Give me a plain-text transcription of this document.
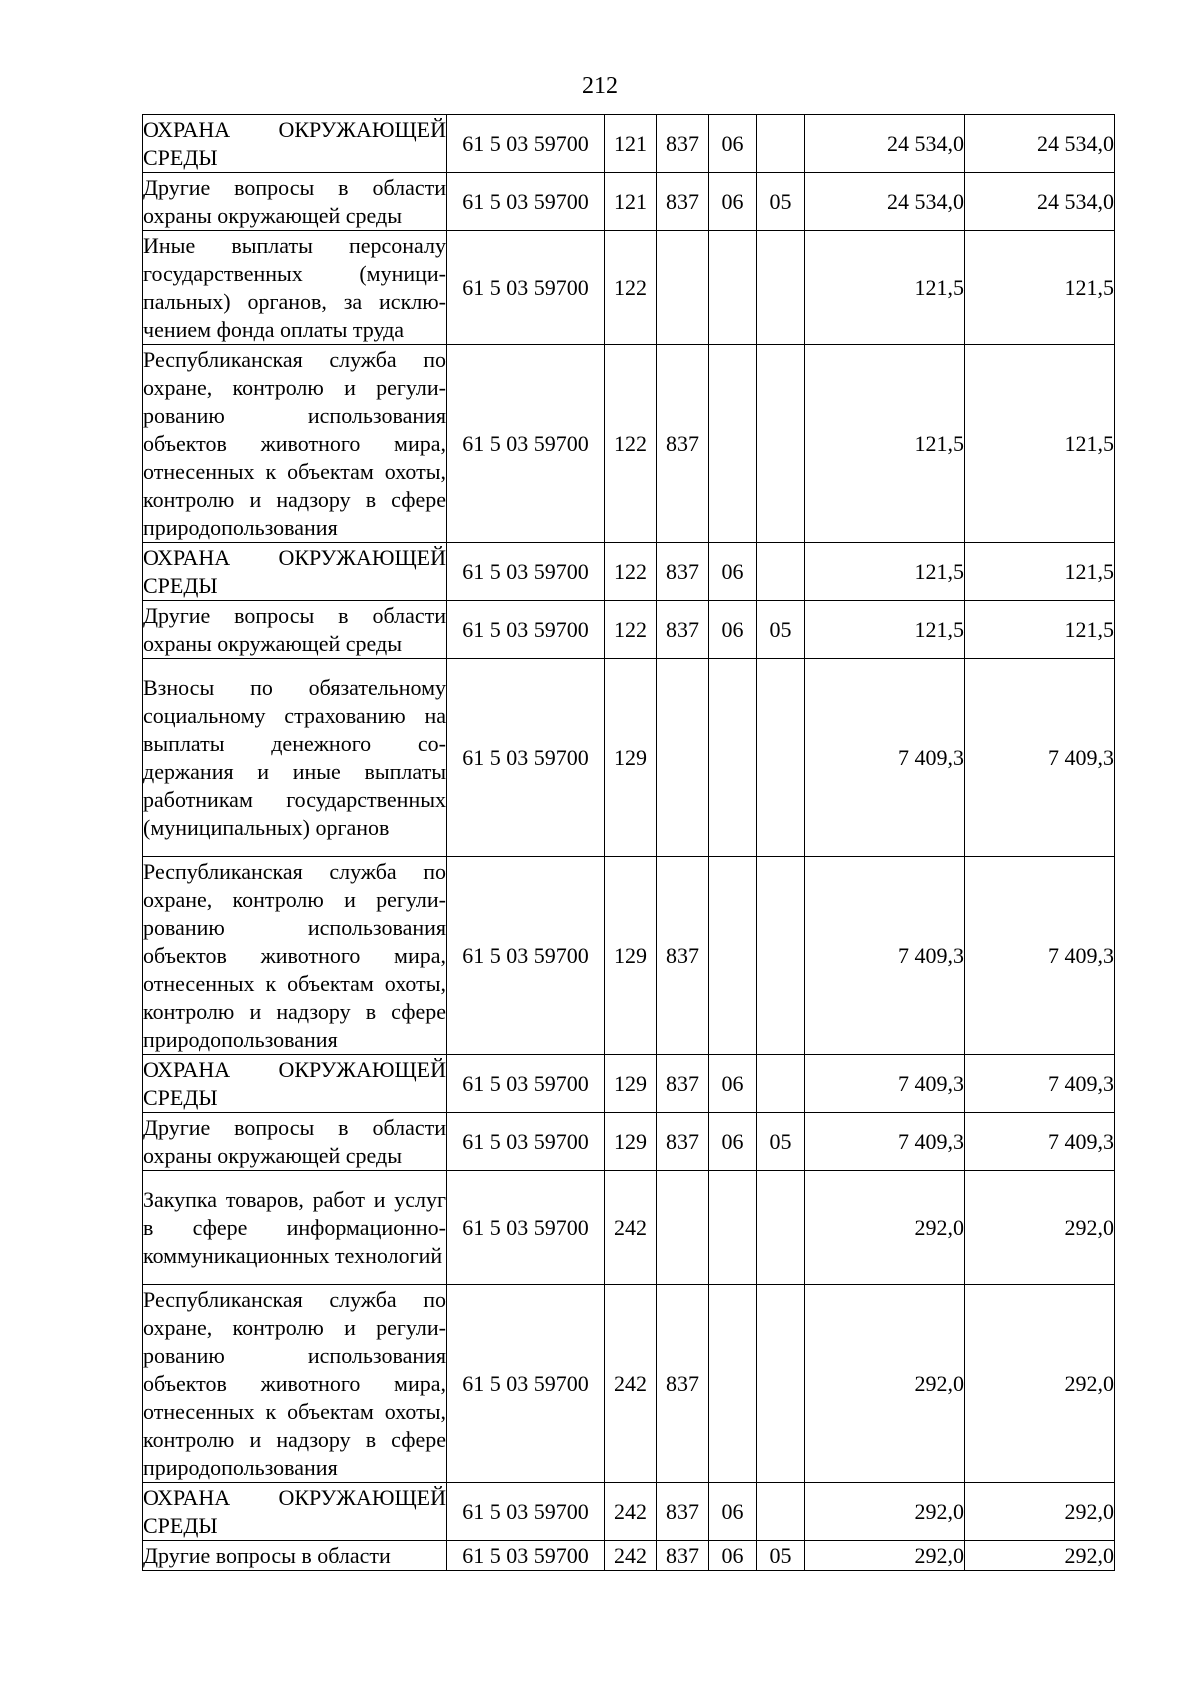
212
ОХРАНА ОКРУЖАЮЩЕЙ СРЕДЫ	61 5 03 59700	121	837	06		24 534,0	24 534,0
Другие вопросы в области охраны окружающей среды	61 5 03 59700	121	837	06	05	24 534,0	24 534,0
Иные выплаты персоналу государственных (муниципальных) органов, за исключением фонда оплаты труда	61 5 03 59700	122				121,5	121,5
Республиканская служба по охране, контролю и регулированию использования объектов животного мира, отнесенных к объектам охоты, контролю и надзору в сфере природопользования	61 5 03 59700	122	837			121,5	121,5
ОХРАНА ОКРУЖАЮЩЕЙ СРЕДЫ	61 5 03 59700	122	837	06		121,5	121,5
Другие вопросы в области охраны окружающей среды	61 5 03 59700	122	837	06	05	121,5	121,5
Взносы по обязательному социальному страхованию на выплаты денежного содержания и иные выплаты работникам государственных (муниципальных) органов	61 5 03 59700	129				7 409,3	7 409,3
Республиканская служба по охране, контролю и регулированию использования объектов животного мира, отнесенных к объектам охоты, контролю и надзору в сфере природопользования	61 5 03 59700	129	837			7 409,3	7 409,3
ОХРАНА ОКРУЖАЮЩЕЙ СРЕДЫ	61 5 03 59700	129	837	06		7 409,3	7 409,3
Другие вопросы в области охраны окружающей среды	61 5 03 59700	129	837	06	05	7 409,3	7 409,3
Закупка товаров, работ и услуг в сфере информационно-коммуникационных технологий	61 5 03 59700	242				292,0	292,0
Республиканская служба по охране, контролю и регулированию использования объектов животного мира, отнесенных к объектам охоты, контролю и надзору в сфере природопользования	61 5 03 59700	242	837			292,0	292,0
ОХРАНА ОКРУЖАЮЩЕЙ СРЕДЫ	61 5 03 59700	242	837	06		292,0	292,0
Другие вопросы в области	61 5 03 59700	242	837	06	05	292,0	292,0
